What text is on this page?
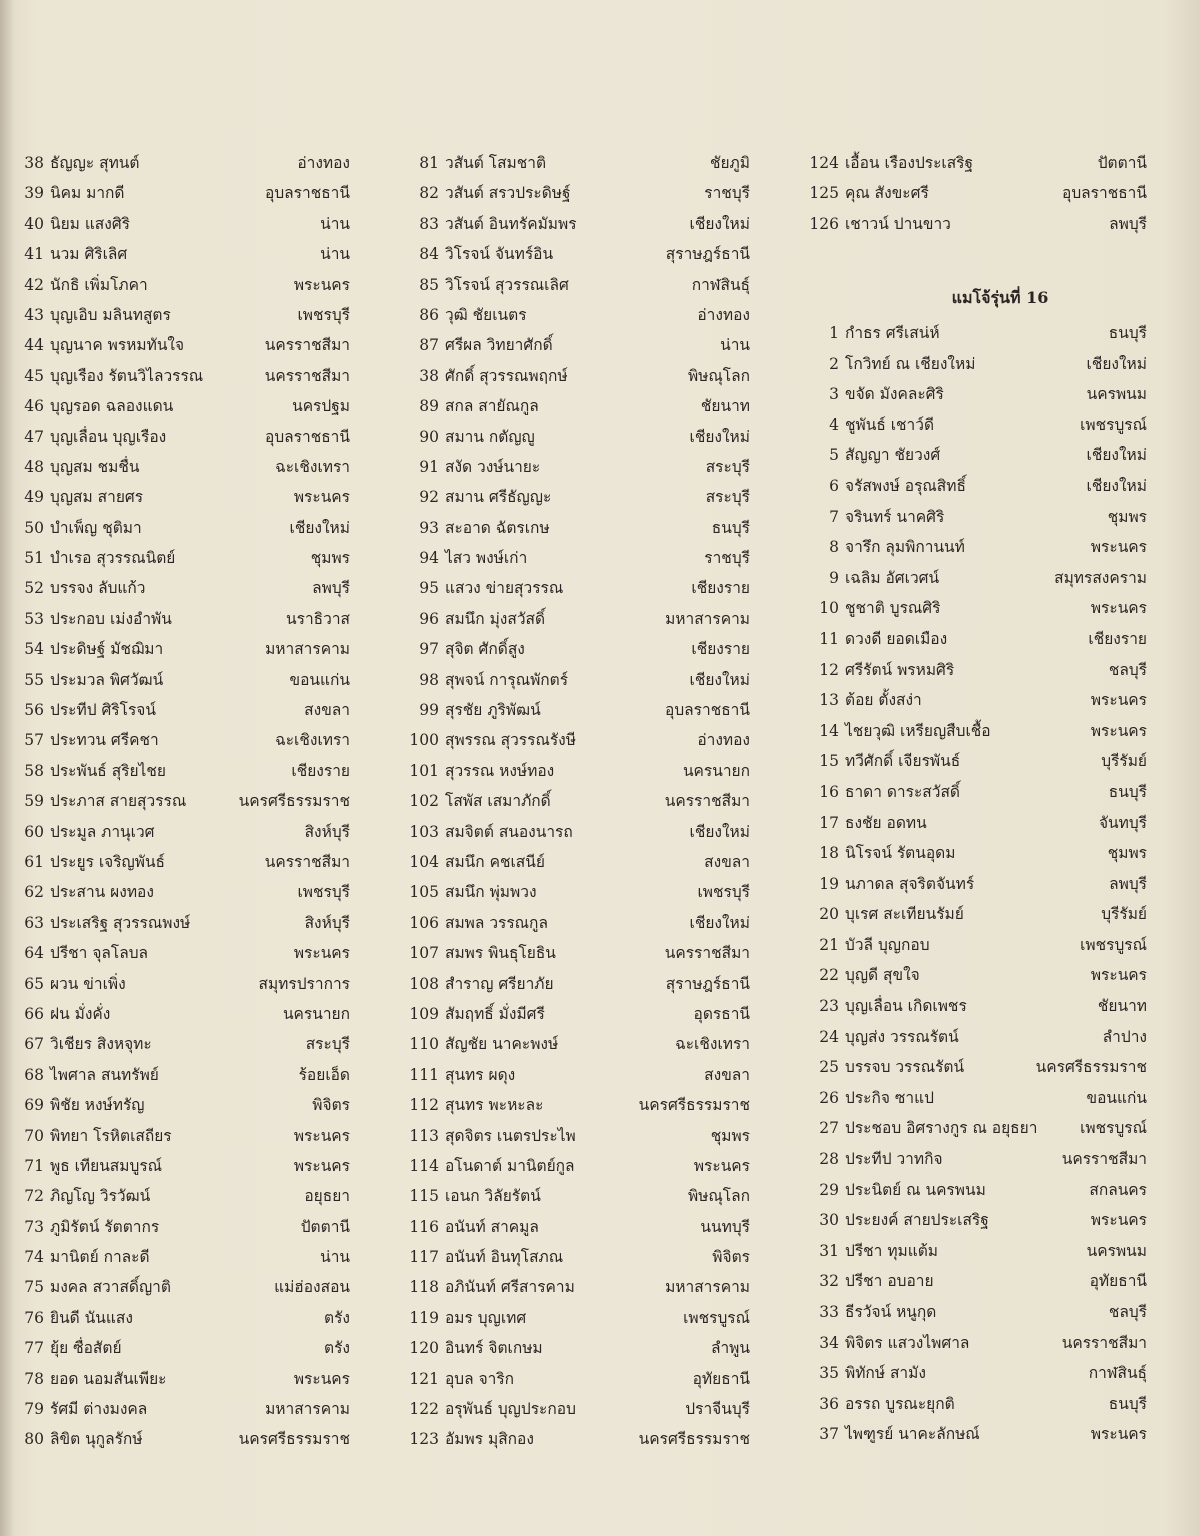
38 ธัญญะ สุทนต์	อ่างทอง
39 นิคม มากดี	อุบลราชธานี
40 นิยม แสงศิริ	น่าน
41 นวม ศิริเลิศ	น่าน
42 นักธิ เพิ่มโภคา	พระนคร
43 บุญเอิบ มลินทสูตร	เพชรบุรี
44 บุญนาค พรหมทันใจ	นครราชสีมา
45 บุญเรือง รัตนวิไลวรรณ	นครราชสีมา
46 บุญรอด ฉลองแดน	นครปฐม
47 บุญเลื่อน บุญเรือง	อุบลราชธานี
48 บุญสม ชมชื่น	ฉะเชิงเทรา
49 บุญสม สายศร	พระนคร
50 บำเพ็ญ ชุติมา	เชียงใหม่
51 บำเรอ สุวรรณนิตย์	ชุมพร
52 บรรจง ลับแก้ว	ลพบุรี
53 ประกอบ เม่งอำพัน	นราธิวาส
54 ประดิษฐ์ มัชฌิมา	มหาสารคาม
55 ประมวล พิศวัฒน์	ขอนแก่น
56 ประทีป ศิริโรจน์	สงขลา
57 ประทวน ศรีคชา	ฉะเชิงเทรา
58 ประพันธ์ สุริยไชย	เชียงราย
59 ประภาส สายสุวรรณ	นครศรีธรรมราช
60 ประมูล ภานุเวศ	สิงห์บุรี
61 ประยูร เจริญพันธ์	นครราชสีมา
62 ประสาน ผงทอง	เพชรบุรี
63 ประเสริฐ สุวรรณพงษ์	สิงห์บุรี
64 ปรีชา จุลโลบล	พระนคร
65 ผวน ข่าเพิ่ง	สมุทรปราการ
66 ฝน มั่งคั่ง	นครนายก
67 วิเชียร สิงหจุทะ	สระบุรี
68 ไพศาล สนทรัพย์	ร้อยเอ็ด
69 พิชัย หงษ์ทรัญ	พิจิตร
70 พิทยา โรหิตเสถียร	พระนคร
71 พูธ เทียนสมบูรณ์	พระนคร
72 ภิญโญ วิรวัฒน์	อยุธยา
73 ภูมิรัตน์ รัตตากร	ปัตตานี
74 มานิตย์ กาละดี	น่าน
75 มงคล สวาสดิ์ญาติ	แม่ฮ่องสอน
76 ยินดี นันแสง	ตรัง
77 ยุ้ย ซื่อสัตย์	ตรัง
78 ยอด นอมสันเพียะ	พระนคร
79 รัศมี ต่างมงคล	มหาสารคาม
80 ลิขิต นุกูลรักษ์	นครศรีธรรมราช
81 วสันต์ โสมชาติ	ชัยภูมิ
82 วสันต์ สรวประดิษฐ์	ราชบุรี
83 วสันต์ อินทรัคมัมพร	เชียงใหม่
84 วิโรจน์ จันทร์อิน	สุราษฎร์ธานี
85 วิโรจน์ สุวรรณเลิศ	กาฬสินธุ์
86 วุฒิ ชัยเนตร	อ่างทอง
87 ศรีผล วิทยาศักดิ์	น่าน
38 ศักดิ์ สุวรรณพฤกษ์	พิษณุโลก
89 สกล สายัณกูล	ชัยนาท
90 สมาน กตัญญู	เชียงใหม่
91 สงัด วงษ์นายะ	สระบุรี
92 สมาน ศรีธัญญะ	สระบุรี
93 สะอาด ฉัตรเกษ	ธนบุรี
94 ไสว พงษ์เก่า	ราชบุรี
95 แสวง ข่ายสุวรรณ	เชียงราย
96 สมนึก มุ่งสวัสดิ์	มหาสารคาม
97 สุจิต ศักดิ์สูง	เชียงราย
98 สุพจน์ การุณพักตร์	เชียงใหม่
99 สุรชัย ภูริพัฒน์	อุบลราชธานี
100 สุพรรณ สุวรรณรังษี	อ่างทอง
101 สุวรรณ หงษ์ทอง	นครนายก
102 โสพัส เสมาภักดิ์	นครราชสีมา
103 สมจิตต์ สนองนารถ	เชียงใหม่
104 สมนึก คชเสนีย์	สงขลา
105 สมนึก พุ่มพวง	เพชรบุรี
106 สมพล วรรณกูล	เชียงใหม่
107 สมพร พินธุโยธิน	นครราชสีมา
108 สำราญ ศรียาภัย	สุราษฎร์ธานี
109 สัมฤทธิ์ มั่งมีศรี	อุดรธานี
110 สัญชัย นาคะพงษ์	ฉะเชิงเทรา
111 สุนทร ผดุง	สงขลา
112 สุนทร พะหะละ	นครศรีธรรมราช
113 สุดจิตร เนตรประไพ	ชุมพร
114 อโนดาต์ มานิตย์กูล	พระนคร
115 เอนก วิลัยรัตน์	พิษณุโลก
116 อนันท์ สาคมูล	นนทบุรี
117 อนันท์ อินทุโสภณ	พิจิตร
118 อภินันท์ ศรีสารคาม	มหาสารคาม
119 อมร บุญเทศ	เพชรบูรณ์
120 อินทร์ จิตเกษม	ลำพูน
121 อุบล จาริก	อุทัยธานี
122 อรุพันธ์ บุญประกอบ	ปราจีนบุรี
123 อัมพร มุสิกอง	นครศรีธรรมราช
124 เอื้อน เรืองประเสริฐ	ปัตตานี
125 คุณ สังขะศรี	อุบลราชธานี
126 เชาวน์ ปานขาว	ลพบุรี
แมโจ้รุ่นที่ 16
1 กำธร ศรีเสน่ห์	ธนบุรี
2 โกวิทย์ ณ เชียงใหม่	เชียงใหม่
3 ขจัด มังคละศิริ	นครพนม
4 ชูพันธ์ เชาว์ดี	เพชรบูรณ์
5 สัญญา ชัยวงศ์	เชียงใหม่
6 จรัสพงษ์ อรุณสิทธิ์	เชียงใหม่
7 จรินทร์ นาคศิริ	ชุมพร
8 จารึก ลุมพิกานนท์	พระนคร
9 เฉลิม อัศเวศน์	สมุทรสงคราม
10 ชูชาติ บูรณศิริ	พระนคร
11 ดวงดี ยอดเมือง	เชียงราย
12 ศรีรัตน์ พรหมศิริ	ชลบุรี
13 ต้อย ตั้งสง่า	พระนคร
14 ไชยวุฒิ เหรียญสืบเชื้อ	พระนคร
15 ทวีศักดิ์ เจียรพันธ์	บุรีรัมย์
16 ธาดา ดาระสวัสดิ์	ธนบุรี
17 ธงชัย อดทน	จันทบุรี
18 นิโรจน์ รัตนอุดม	ชุมพร
19 นภาดล สุจริตจันทร์	ลพบุรี
20 บุเรศ สะเทียนรัมย์	บุรีรัมย์
21 บัวลี บุญกอบ	เพชรบูรณ์
22 บุญดี สุขใจ	พระนคร
23 บุญเลื่อน เกิดเพชร	ชัยนาท
24 บุญส่ง วรรณรัตน์	ลำปาง
25 บรรจบ วรรณรัตน์	นครศรีธรรมราช
26 ประกิจ ซาแป	ขอนแก่น
27 ประชอบ อิศรางกูร ณ อยุธยา	เพชรบูรณ์
28 ประทีป วาทกิจ	นครราชสีมา
29 ประนิตย์ ณ นครพนม	สกลนคร
30 ประยงค์ สายประเสริฐ	พระนคร
31 ปรีชา ทุมแต้ม	นครพนม
32 ปรีชา อบอาย	อุทัยธานี
33 ธีรวัจน์ หนูกุด	ชลบุรี
34 พิจิตร แสวงไพศาล	นครราชสีมา
35 พิทักษ์ สามัง	กาฬสินธุ์
36 อรรถ บูรณะยุกติ	ธนบุรี
37 ไพฑูรย์ นาคะลักษณ์	พระนคร
